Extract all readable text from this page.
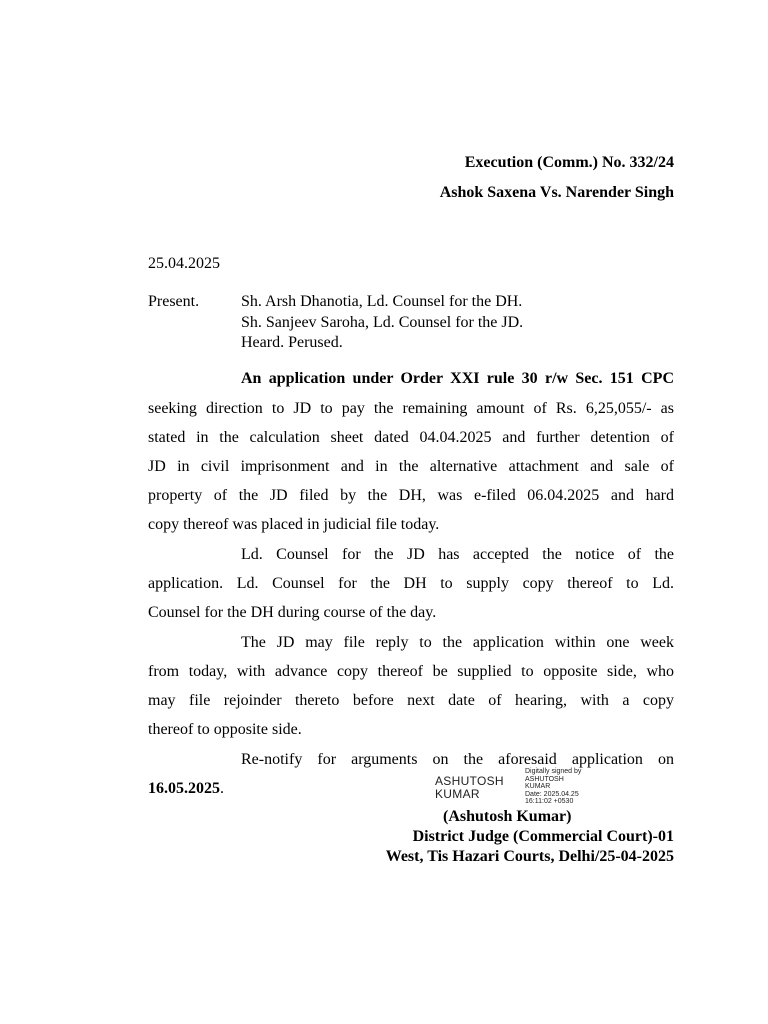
Execution (Comm.) No. 332/24
Ashok Saxena Vs. Narender Singh
25.04.2025
Present.	Sh. Arsh Dhanotia, Ld. Counsel for the DH.
Sh. Sanjeev Saroha, Ld. Counsel for the JD.
Heard. Perused.
An application under Order XXI rule 30 r/w Sec. 151 CPC
seeking direction to JD to pay the remaining amount of Rs. 6,25,055/- as
stated in the calculation sheet dated 04.04.2025 and further detention of
JD in civil imprisonment and in the alternative attachment and sale of
property of the JD filed by the DH, was e-filed 06.04.2025 and hard
copy thereof was placed in judicial file today.
Ld. Counsel for the JD has accepted the notice of the
application. Ld. Counsel for the DH to supply copy thereof to Ld.
Counsel for the DH during course of the day.
The JD may file reply to the application within one week
from today, with advance copy thereof be supplied to opposite side, who
may file rejoinder thereto before next date of hearing, with a copy
thereof to opposite side.
Re-notify for arguments on the aforesaid application on
16.05.2025.	ASHUTOSH
KUMAR
Digitally signed by
ASHUTOSH
KUMAR
Date: 2025.04.25
16:11:02 +0530
(Ashutosh Kumar)
District Judge (Commercial Court)-01
West, Tis Hazari Courts, Delhi/25-04-2025
